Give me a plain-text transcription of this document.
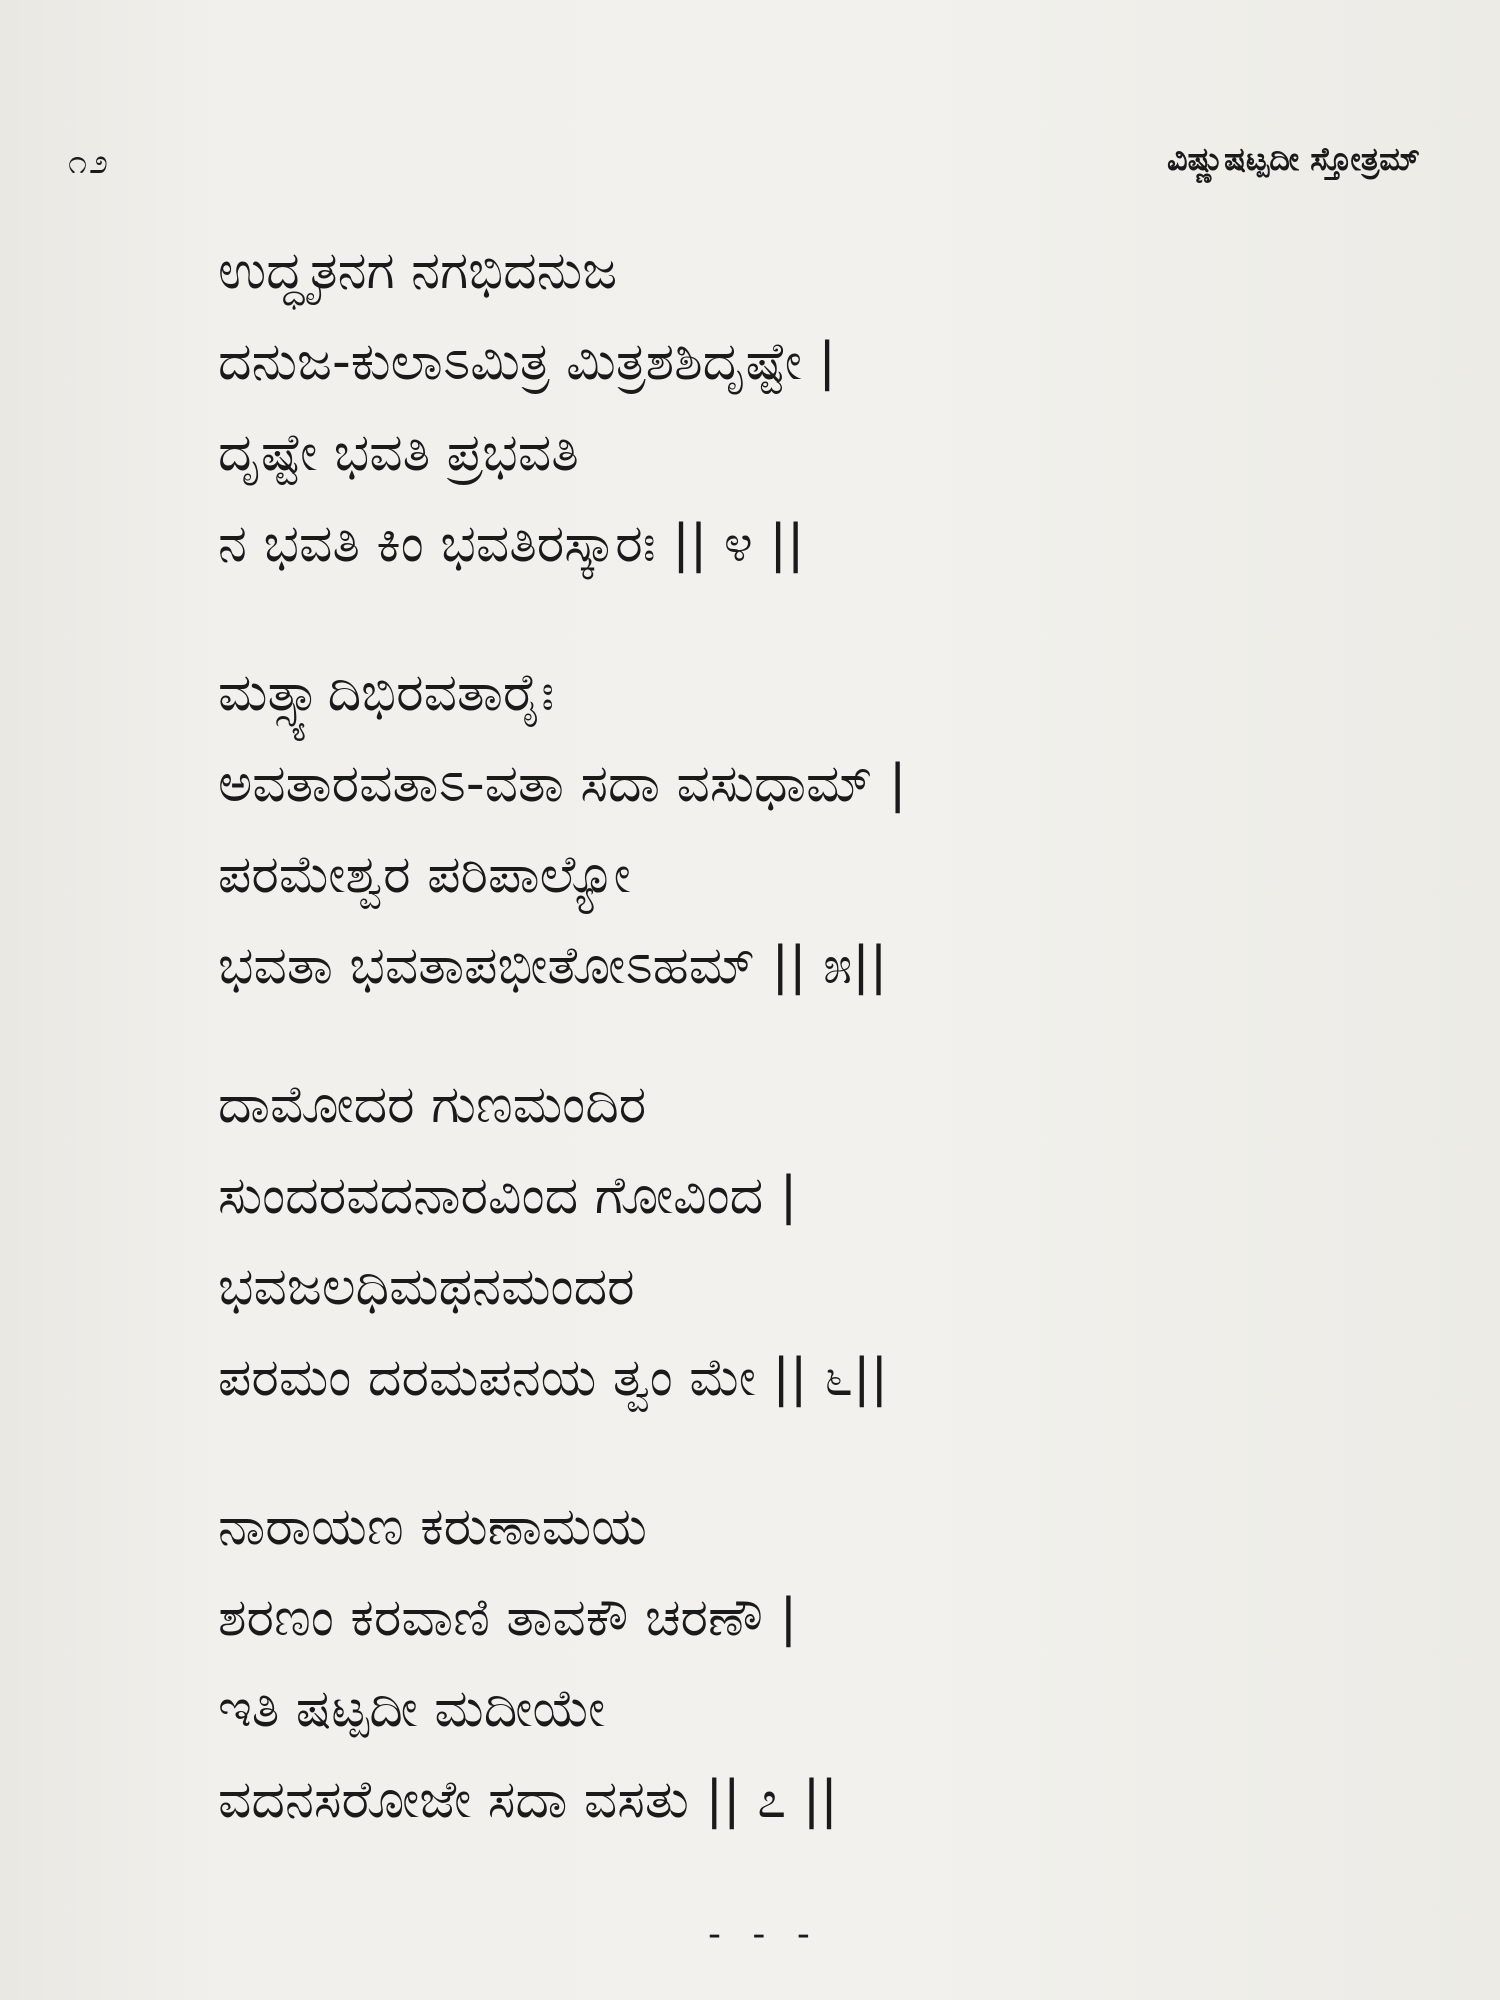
೧೨	ವಿಷ್ಣುಷಟ್ಪದೀ ಸ್ತೋತ್ರಮ್
ಉದ್ಧೃತನಗ ನಗಭಿದನುಜ
ದನುಜ-ಕುಲಾಽಮಿತ್ರ ಮಿತ್ರಶಶಿದೃಷ್ಟೇ |
ದೃಷ್ಟೇ ಭವತಿ ಪ್ರಭವತಿ
ನ ಭವತಿ ಕಿಂ ಭವತಿರಸ್ಕಾರಃ || ೪ ||
ಮತ್ಸ್ಯಾದಿಭಿರವತಾರೈಃ
ಅವತಾರವತಾಽ-ವತಾ ಸದಾ ವಸುಧಾಮ್ |
ಪರಮೇಶ್ವರ ಪರಿಪಾಲ್ಯೋ
ಭವತಾ ಭವತಾಪಭೀತೋಽಹಮ್ || ೫||
ದಾಮೋದರ ಗುಣಮಂದಿರ
ಸುಂದರವದನಾರವಿಂದ ಗೋವಿಂದ |
ಭವಜಲಧಿಮಥನಮಂದರ
ಪರಮಂ ದರಮಪನಯ ತ್ವಂ ಮೇ || ೬||
ನಾರಾಯಣ ಕರುಣಾಮಯ
ಶರಣಂ ಕರವಾಣಿ ತಾವಕೌ ಚರಣೌ |
ಇತಿ ಷಟ್ಪದೀ ಮದೀಯೇ
ವದನಸರೋಜೇ ಸದಾ ವಸತು || ೭ ||
- - -
